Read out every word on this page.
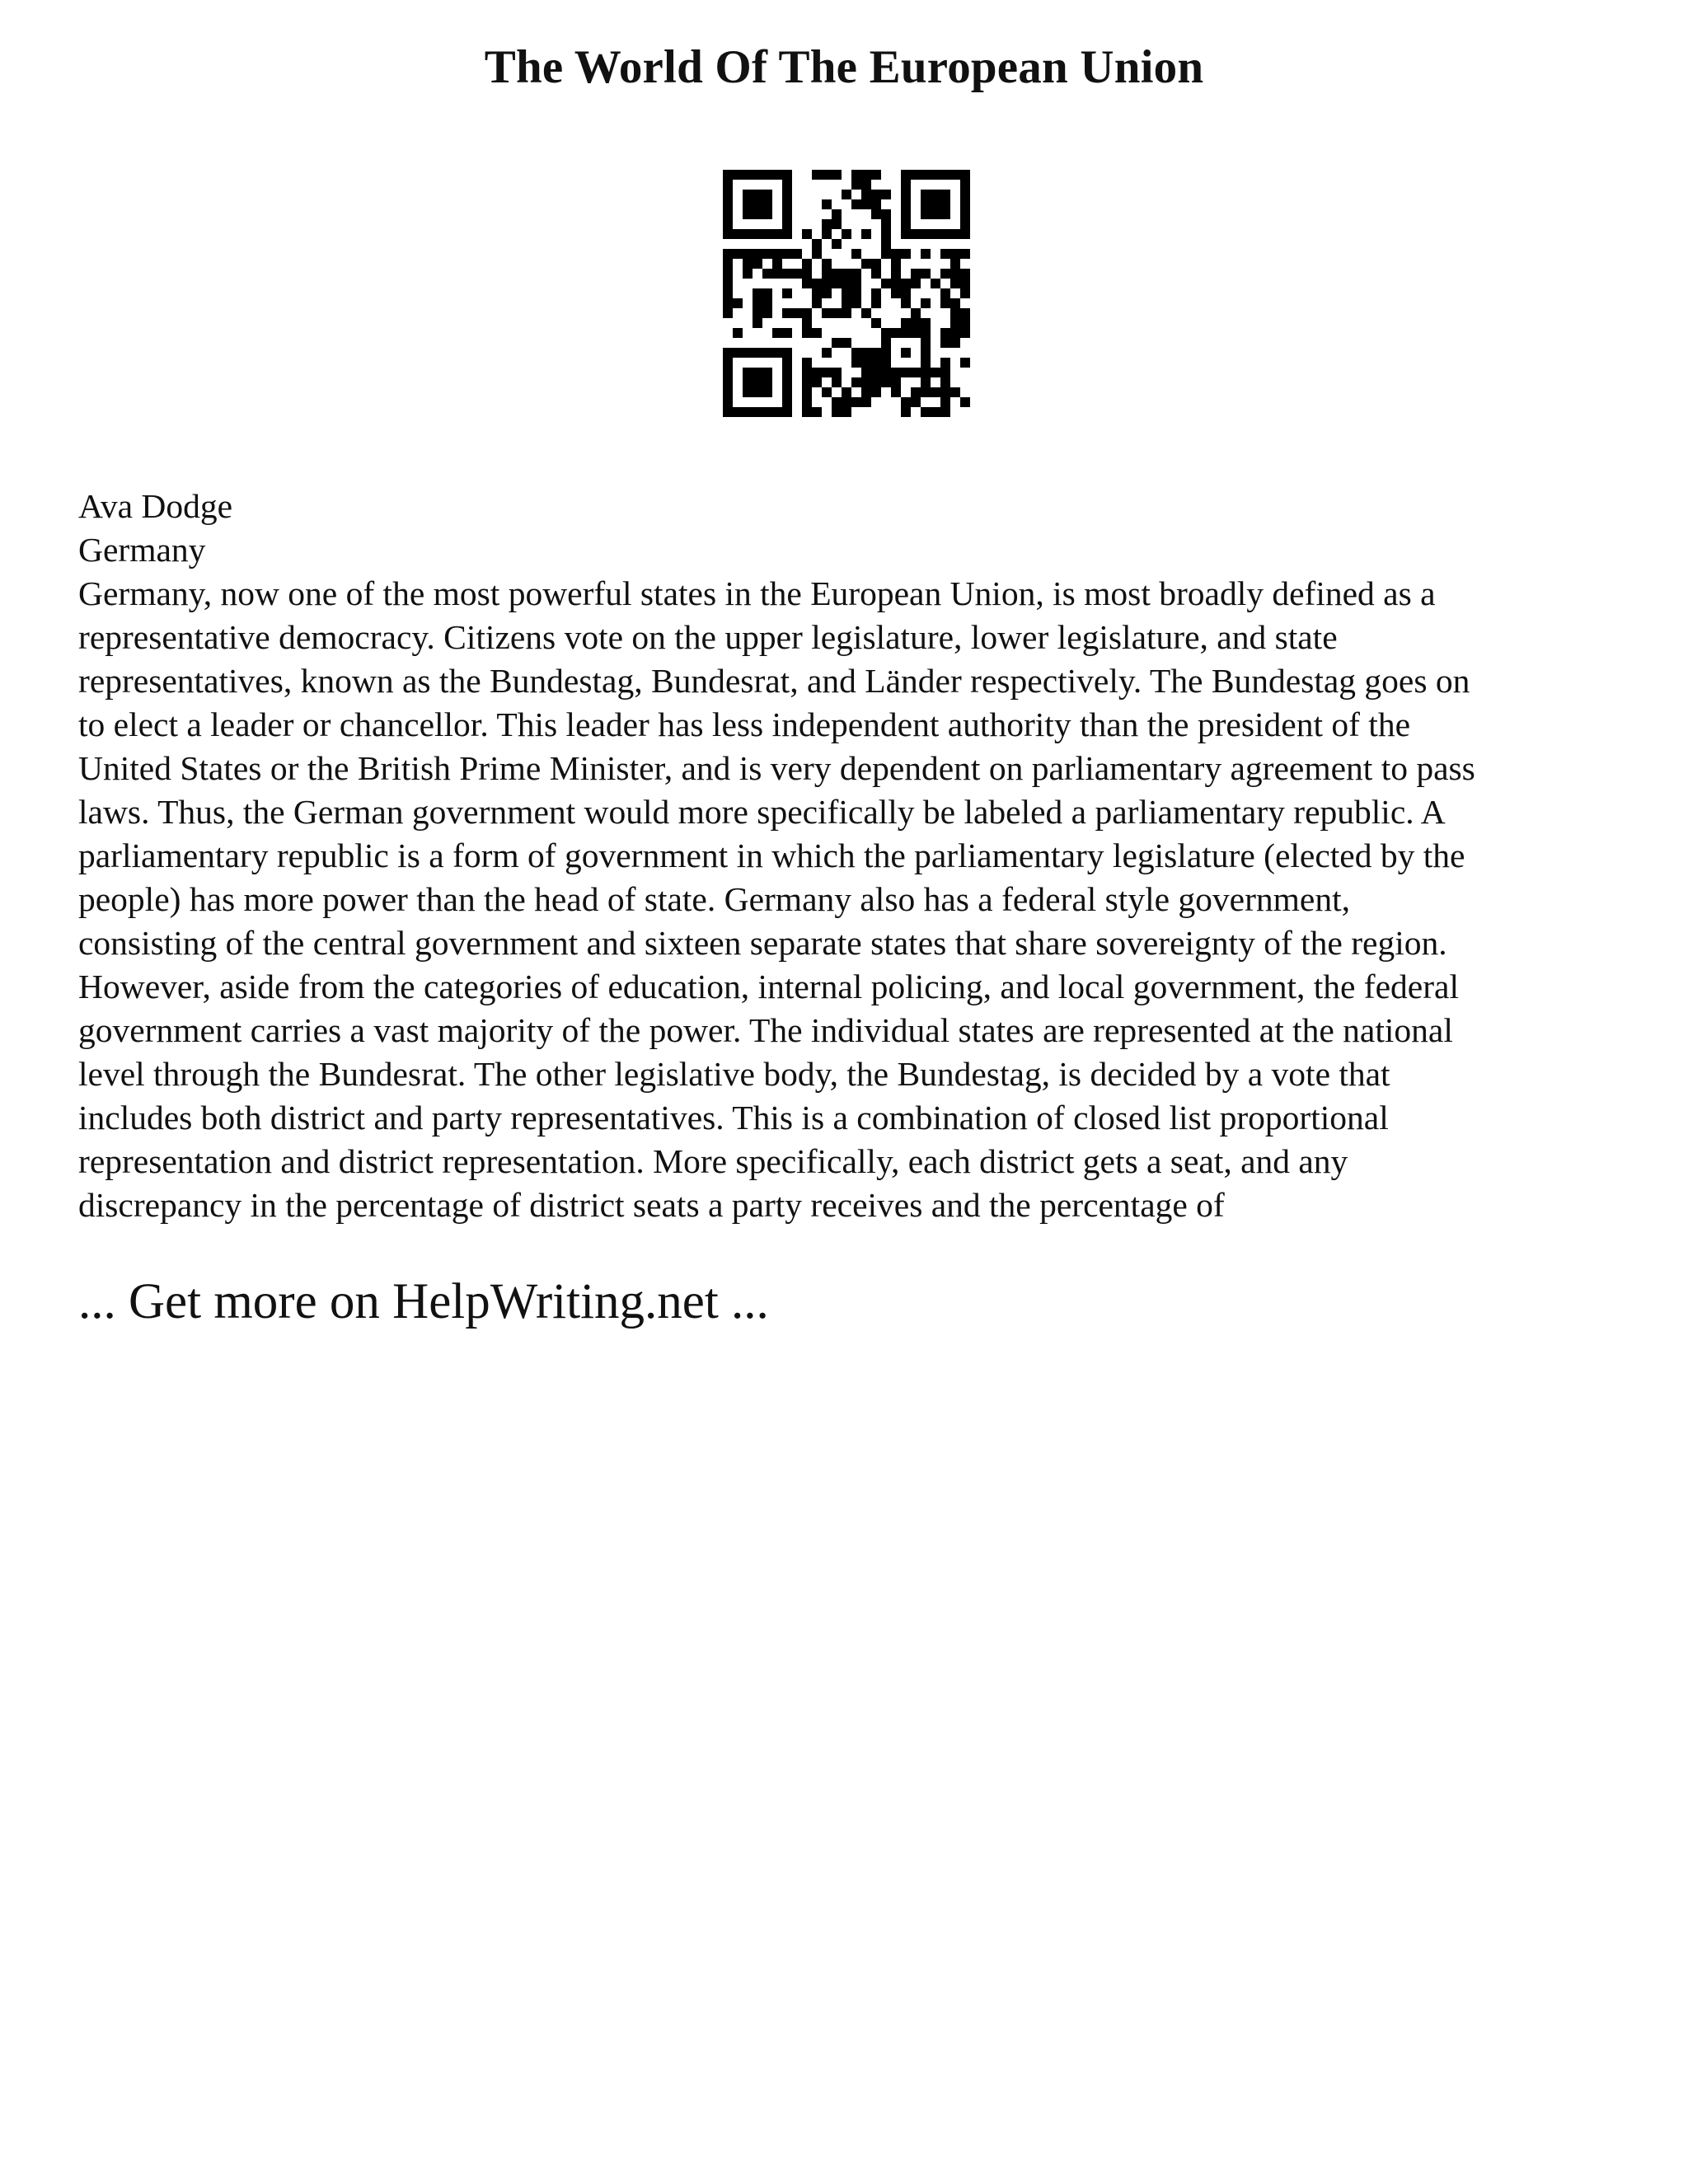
The World Of The European Union
Ava Dodge
Germany
Germany, now one of the most powerful states in the European Union, is most broadly defined as a
representative democracy. Citizens vote on the upper legislature, lower legislature, and state
representatives, known as the Bundestag, Bundesrat, and Länder respectively. The Bundestag goes on
to elect a leader or chancellor. This leader has less independent authority than the president of the
United States or the British Prime Minister, and is very dependent on parliamentary agreement to pass
laws. Thus, the German government would more specifically be labeled a parliamentary republic. A
parliamentary republic is a form of government in which the parliamentary legislature (elected by the
people) has more power than the head of state. Germany also has a federal style government,
consisting of the central government and sixteen separate states that share sovereignty of the region.
However, aside from the categories of education, internal policing, and local government, the federal
government carries a vast majority of the power. The individual states are represented at the national
level through the Bundesrat. The other legislative body, the Bundestag, is decided by a vote that
includes both district and party representatives. This is a combination of closed list proportional
representation and district representation. More specifically, each district gets a seat, and any
discrepancy in the percentage of district seats a party receives and the percentage of
... Get more on HelpWriting.net ...
